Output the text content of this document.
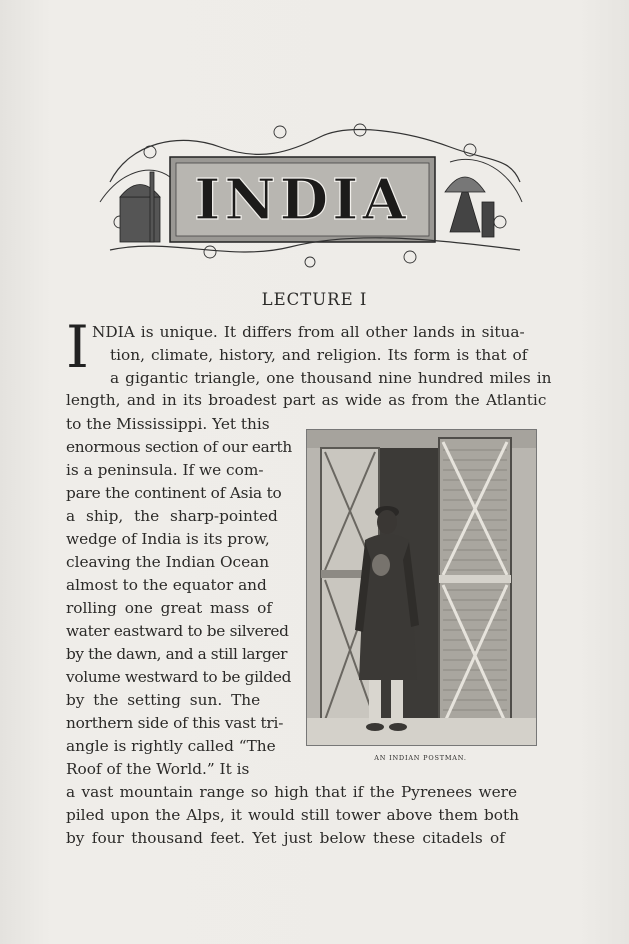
INDIA
LECTURE I
I NDIA is unique. It differs from all other lands in situa-
tion, climate, history, and religion. Its form is that of
a gigantic triangle, one thousand nine hundred miles in
length, and in its broadest part as wide as from the Atlantic
to the Mississippi. Yet this
enormous section of our earth
is a peninsula. If we com-
pare the continent of Asia to
a ship, the sharp-pointed
wedge of India is its prow,
cleaving the Indian Ocean
almost to the equator and
rolling one great mass of
water eastward to be silvered
by the dawn, and a still larger
volume westward to be gilded
by the setting sun. The
northern side of this vast tri-
angle is rightly called “The
Roof of the World.” It is
a vast mountain range so high that if the Pyrenees were
piled upon the Alps, it would still tower above them both
by four thousand feet. Yet just below these citadels of
AN INDIAN POSTMAN.
